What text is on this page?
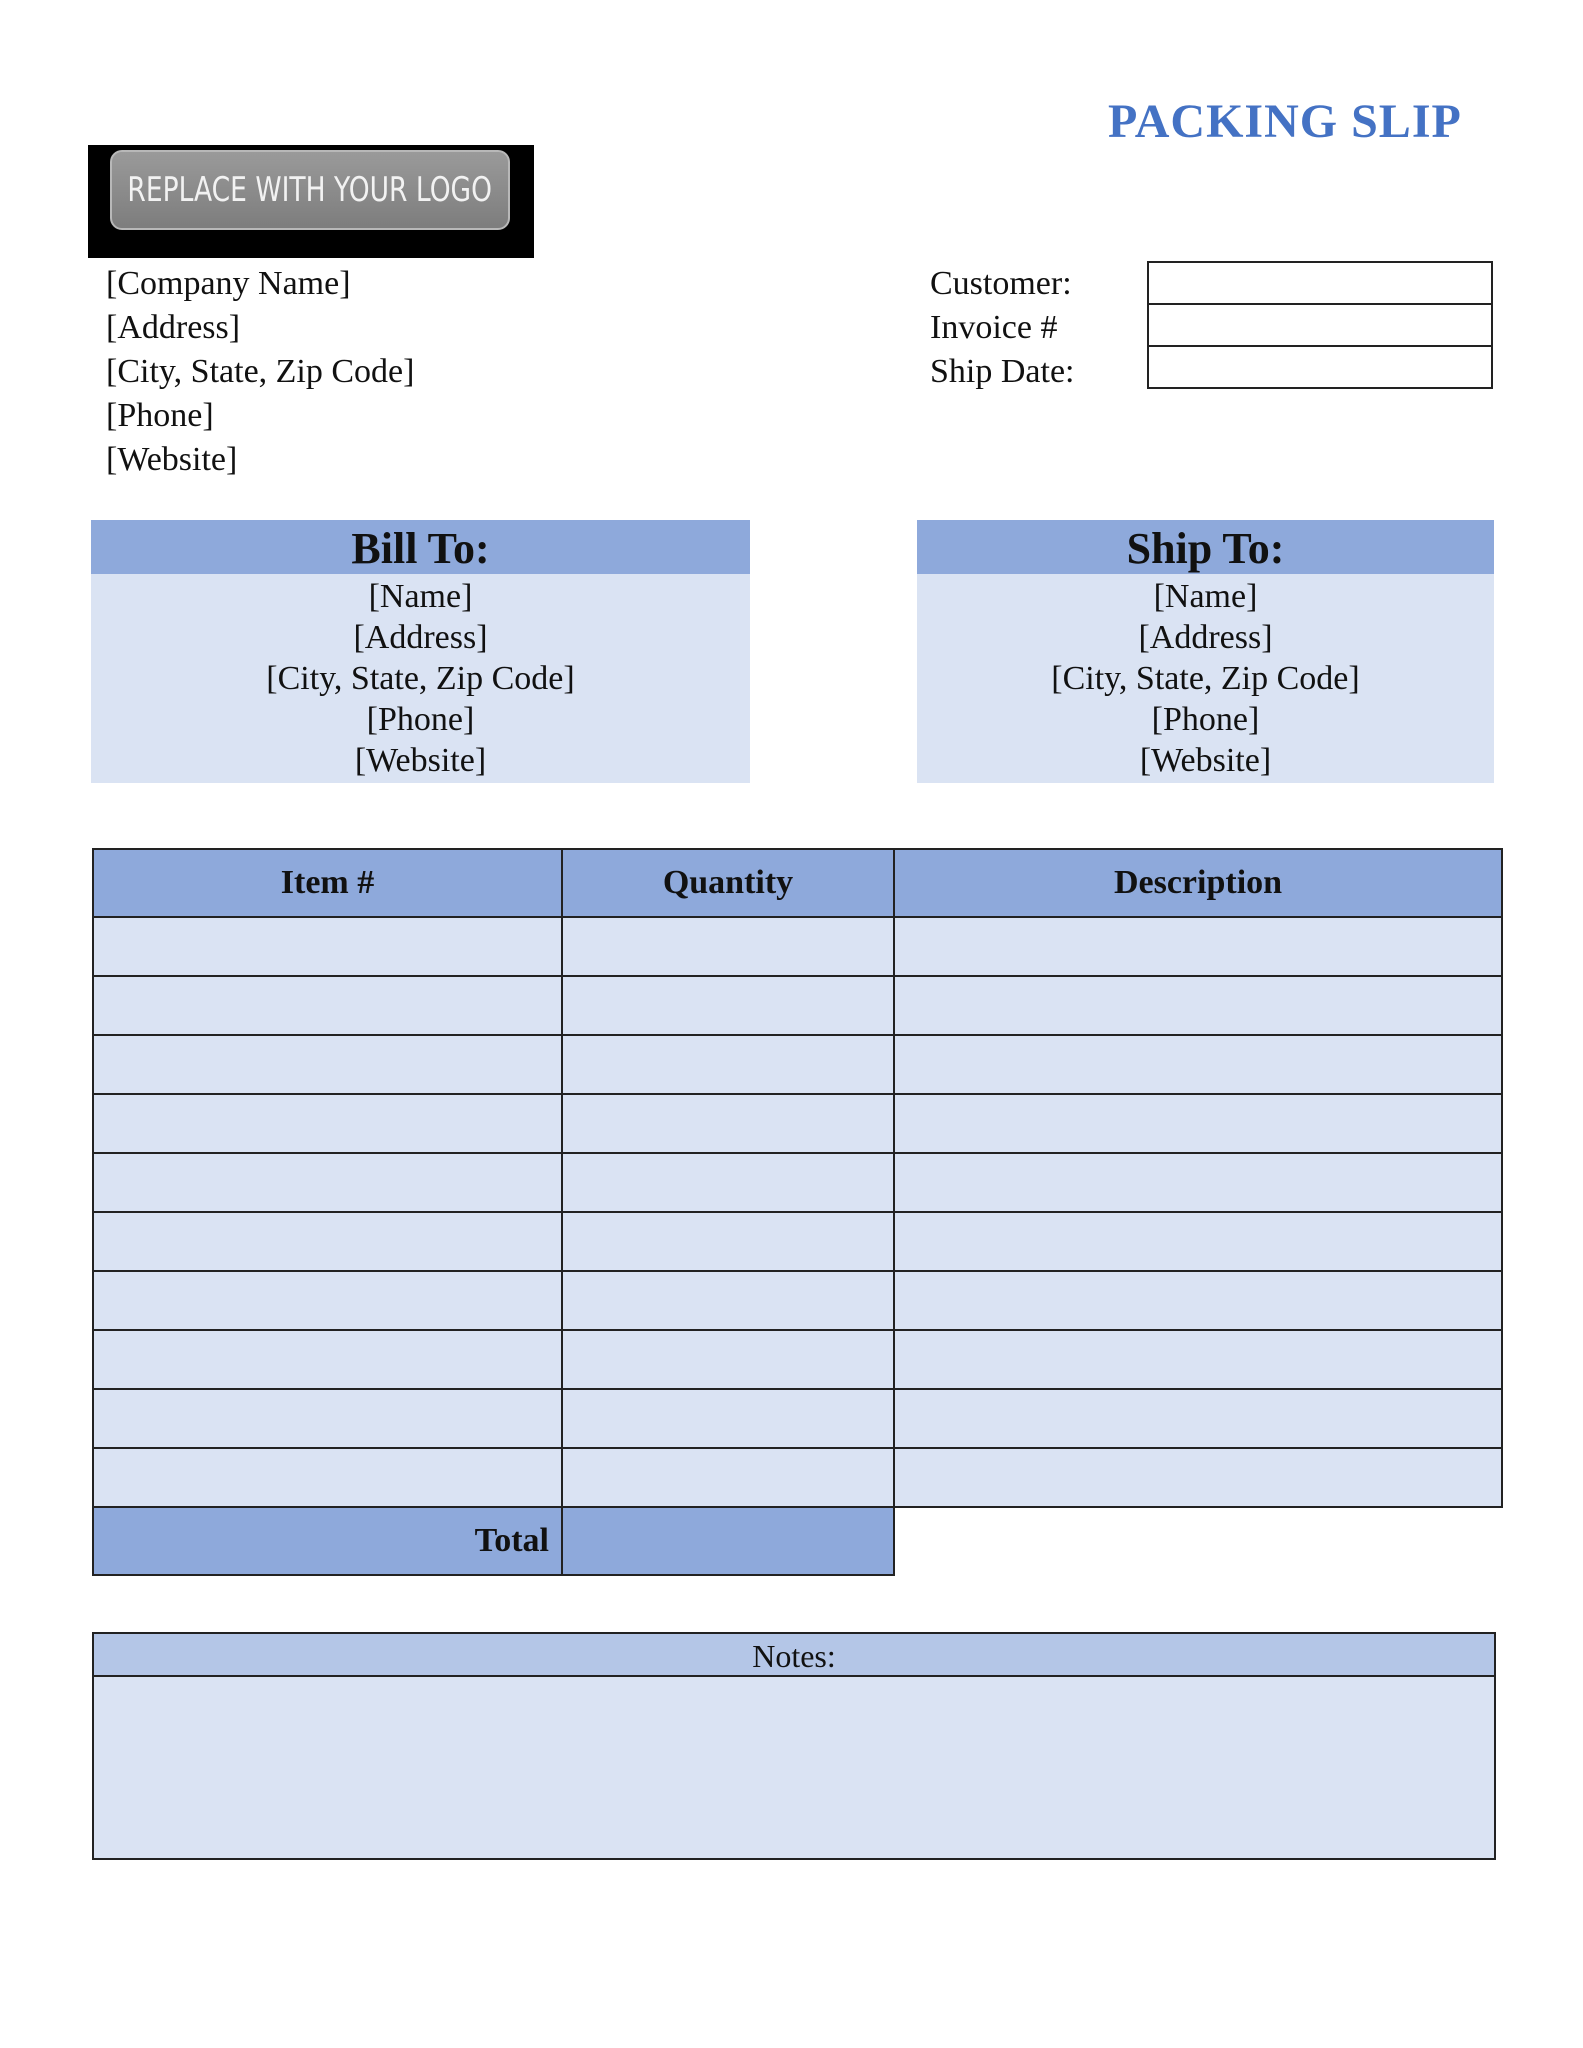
PACKING SLIP
REPLACE WITH YOUR LOGO
[Company Name]
[Address]
[City, State, Zip Code]
[Phone]
[Website]
Customer:
Invoice #
Ship Date:
Bill To:
[Name]
[Address]
[City, State, Zip Code]
[Phone]
[Website]
Ship To:
[Name]
[Address]
[City, State, Zip Code]
[Phone]
[Website]
Item #	Quantity	Description

Total		
Notes:
